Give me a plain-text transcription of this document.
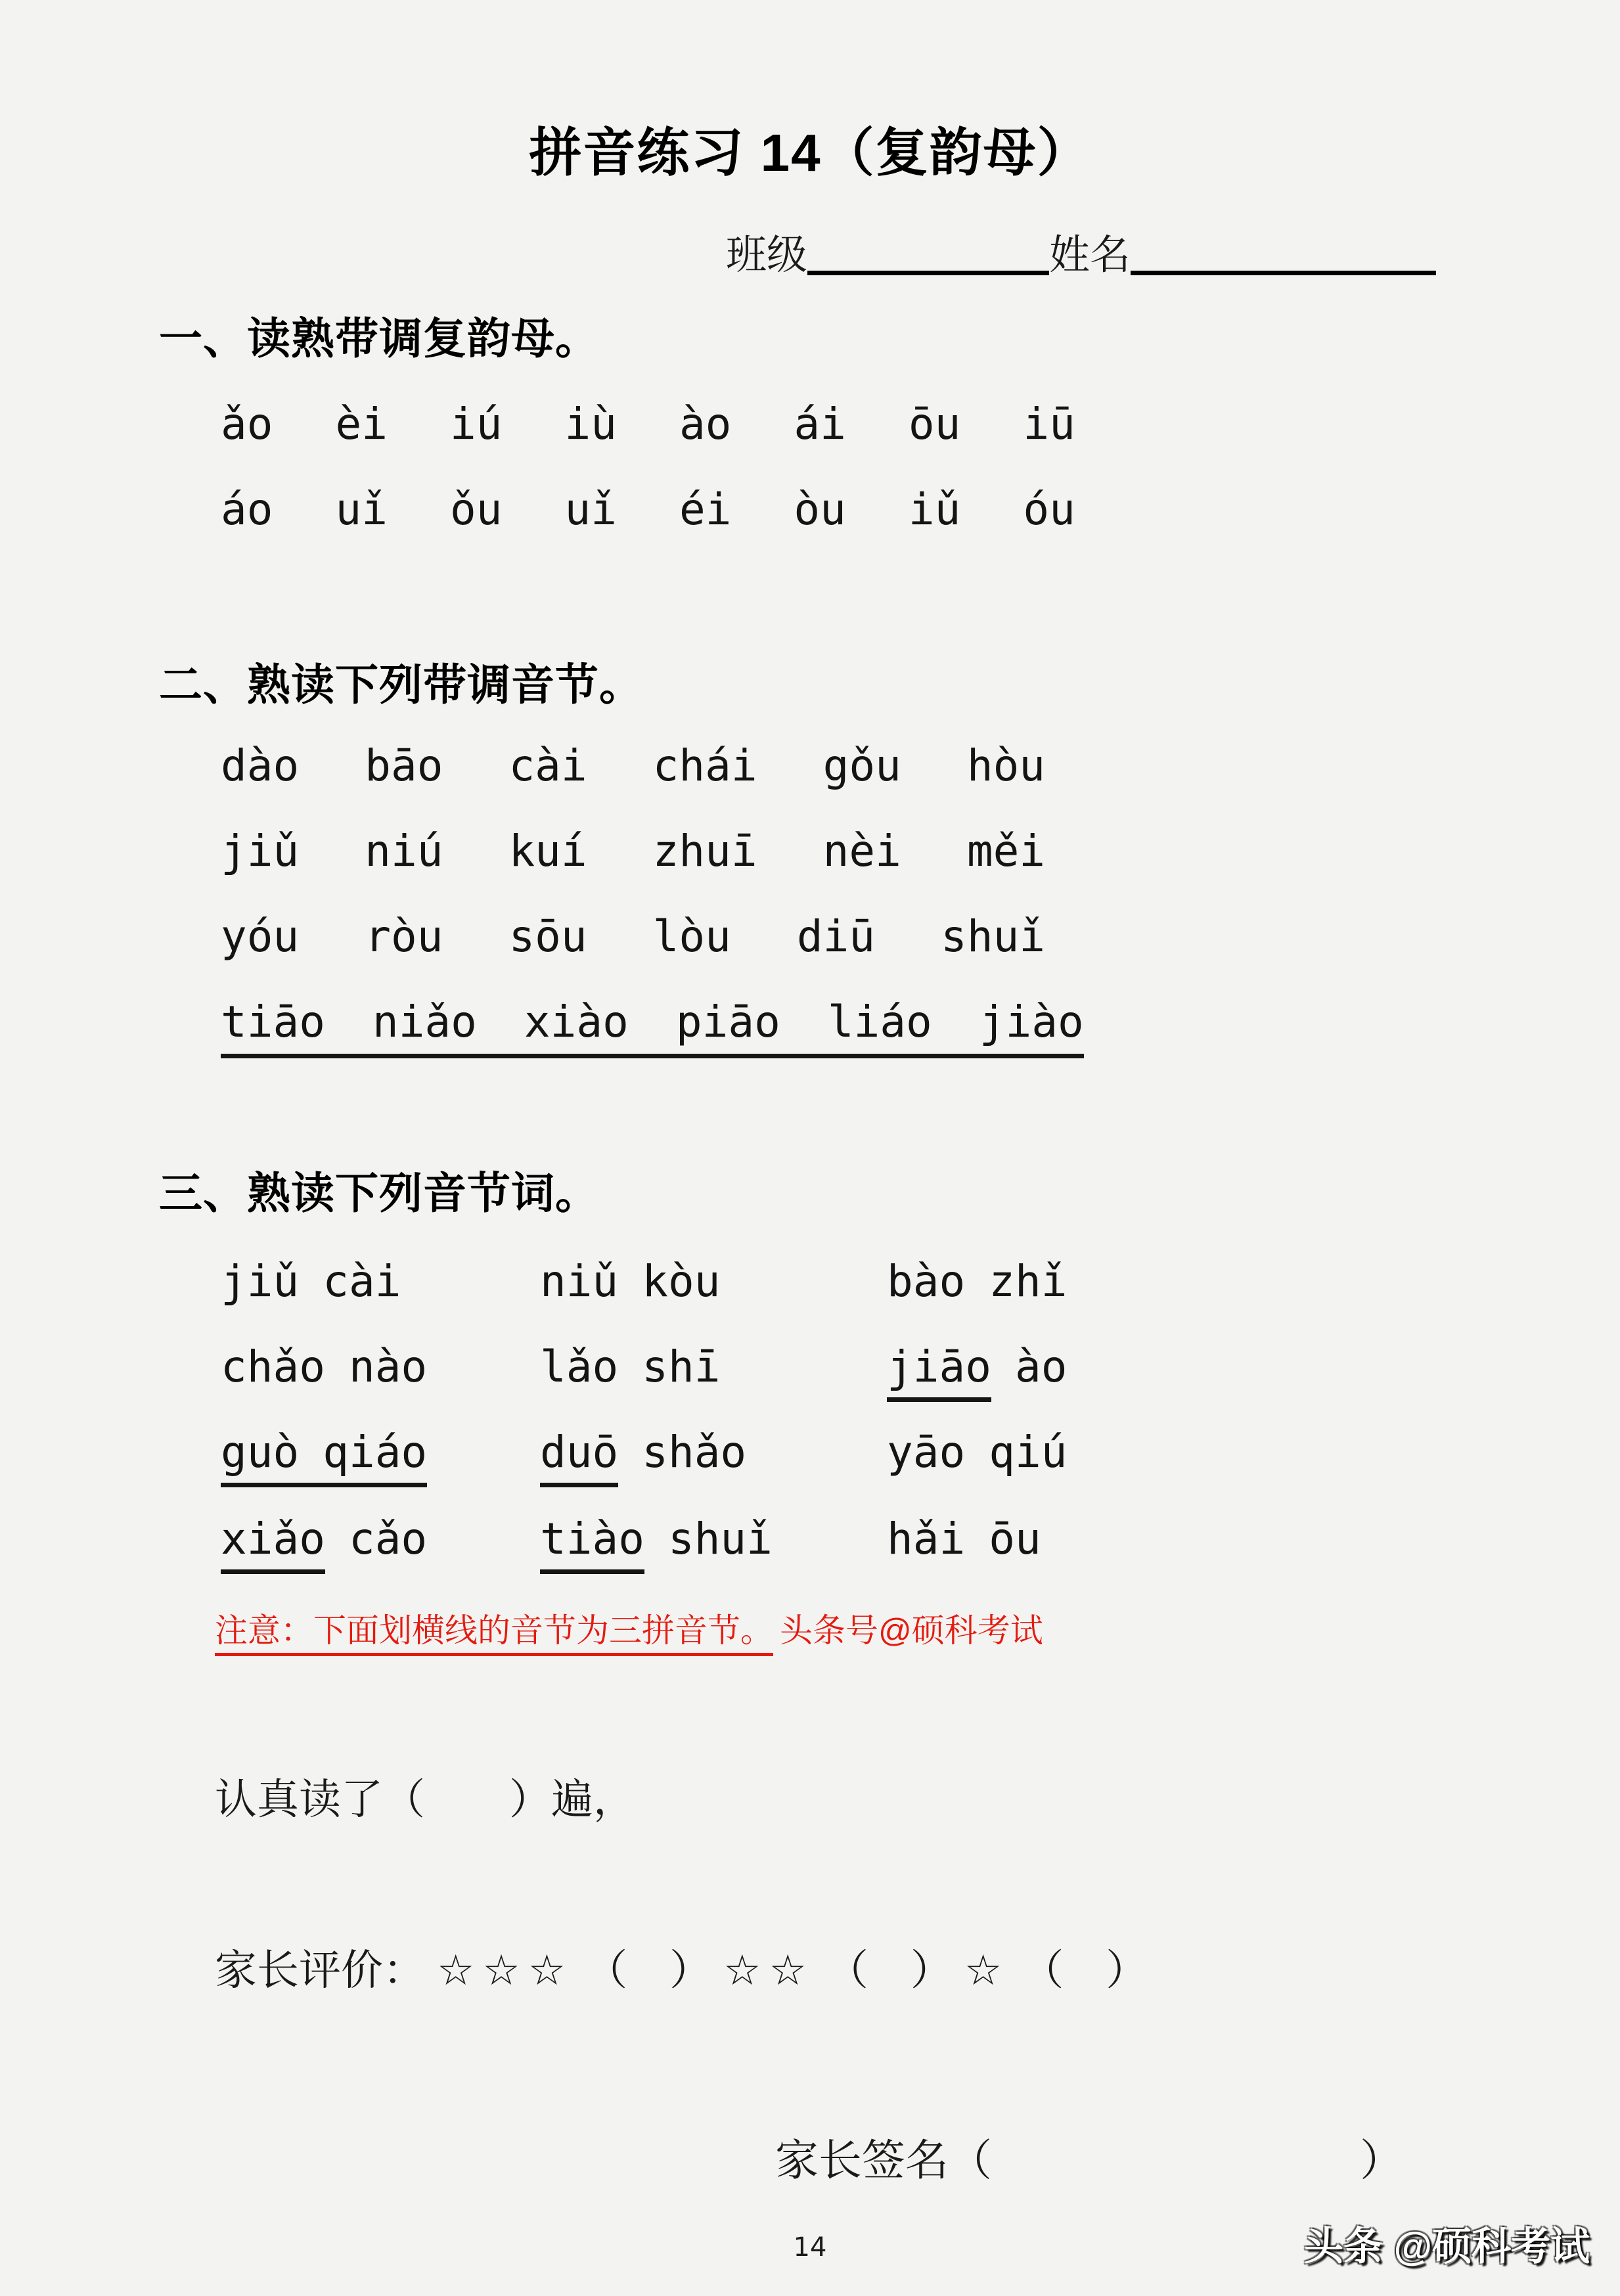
拼音练习 14（复韵母）
班级	姓名
一、读熟带调复韵母。
ǎo èi iú iù ào ái ōu iū
áo uǐ ǒu uǐ éi òu iǔ óu
二、熟读下列带调音节。
dào bāo cài chái gǒu hòu
jiǔ niú kuí zhuī nèi měi
yóu ròu sōu lòu diū shuǐ
tiāo niǎo xiào piāo liáo jiào
三、熟读下列音节词。
jiǔ cài	niǔ kòu	bào zhǐ
chǎo nào	lǎo shī	jiāo ào
guò qiáo	duō shǎo	yāo qiú
xiǎo cǎo	tiào shuǐ	hǎi ōu
注意：下面划横线的音节为三拼音节。 头条号@硕科考试
认真读了（　　）遍，
家长评价： ☆☆☆ （　） ☆☆ （　） ☆ （　）
家长签名（	）
14	头条 @硕科考试
